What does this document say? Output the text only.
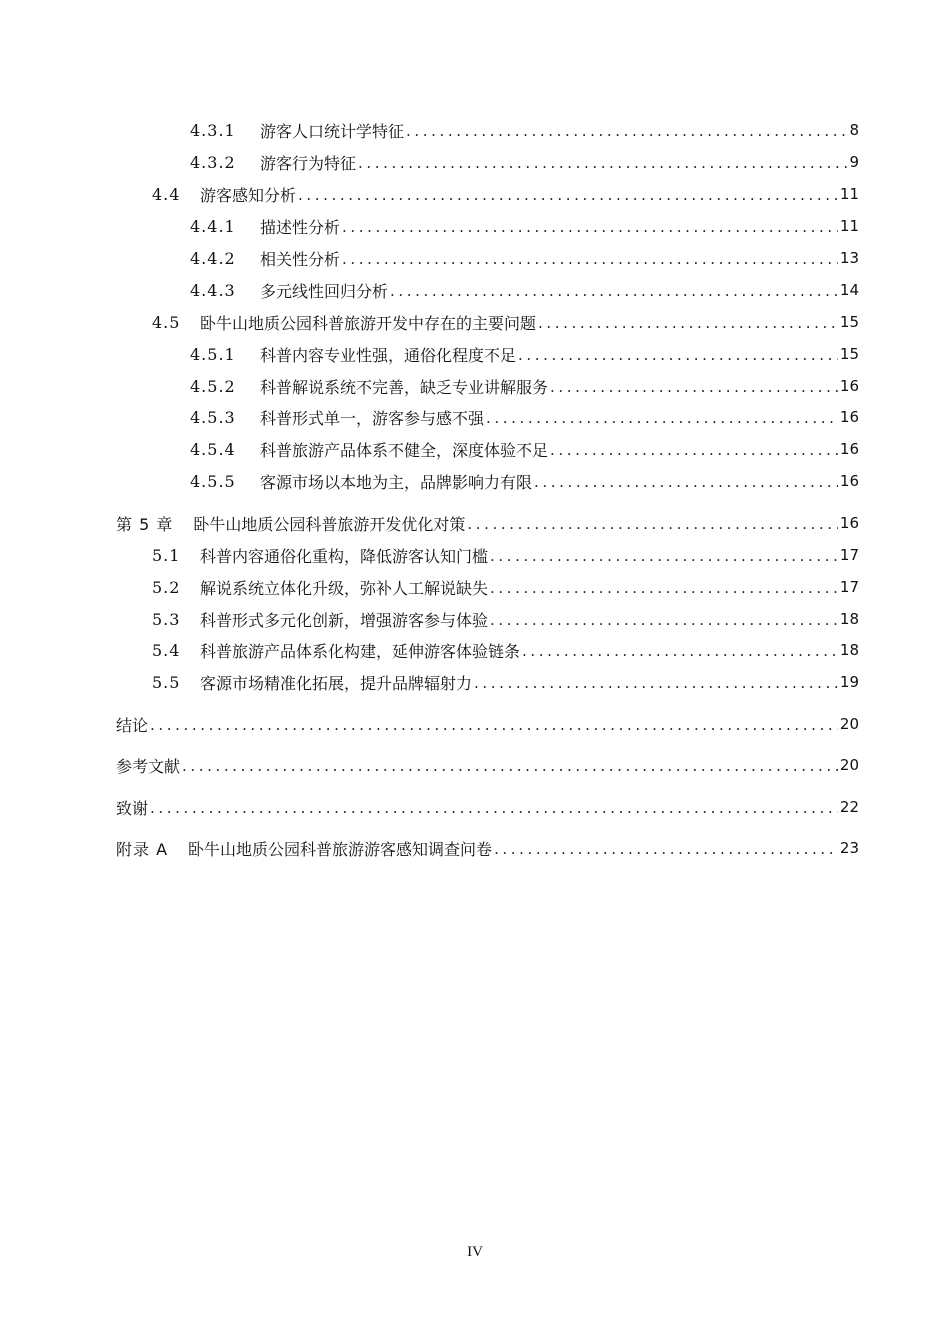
4.3.1	游客人口统计学特征 .....	8
4.3.2	游客行为特征 .....	9
4.4	游客感知分析 .....	11
4.4.1	描述性分析 .....	11
4.4.2	相关性分析 .....	13
4.4.3	多元线性回归分析 .....	14
4.5	卧牛山地质公园科普旅游开发中存在的主要问题 .....	15
4.5.1	科普内容专业性强，通俗化程度不足 .....	15
4.5.2	科普解说系统不完善，缺乏专业讲解服务 .....	16
4.5.3	科普形式单一，游客参与感不强 .....	16
4.5.4	科普旅游产品体系不健全，深度体验不足 .....	16
4.5.5	客源市场以本地为主，品牌影响力有限 .....	16
第 5 章 卧牛山地质公园科普旅游开发优化对策 .....	16
5.1	科普内容通俗化重构，降低游客认知门槛 .....	17
5.2	解说系统立体化升级，弥补人工解说缺失 .....	17
5.3	科普形式多元化创新，增强游客参与体验 .....	18
5.4	科普旅游产品体系化构建，延伸游客体验链条 .....	18
5.5	客源市场精准化拓展，提升品牌辐射力 .....	19
结论 .....	20
参考文献 .....	20
致谢 .....	22
附录 A 卧牛山地质公园科普旅游游客感知调查问卷 .....	23
IV
